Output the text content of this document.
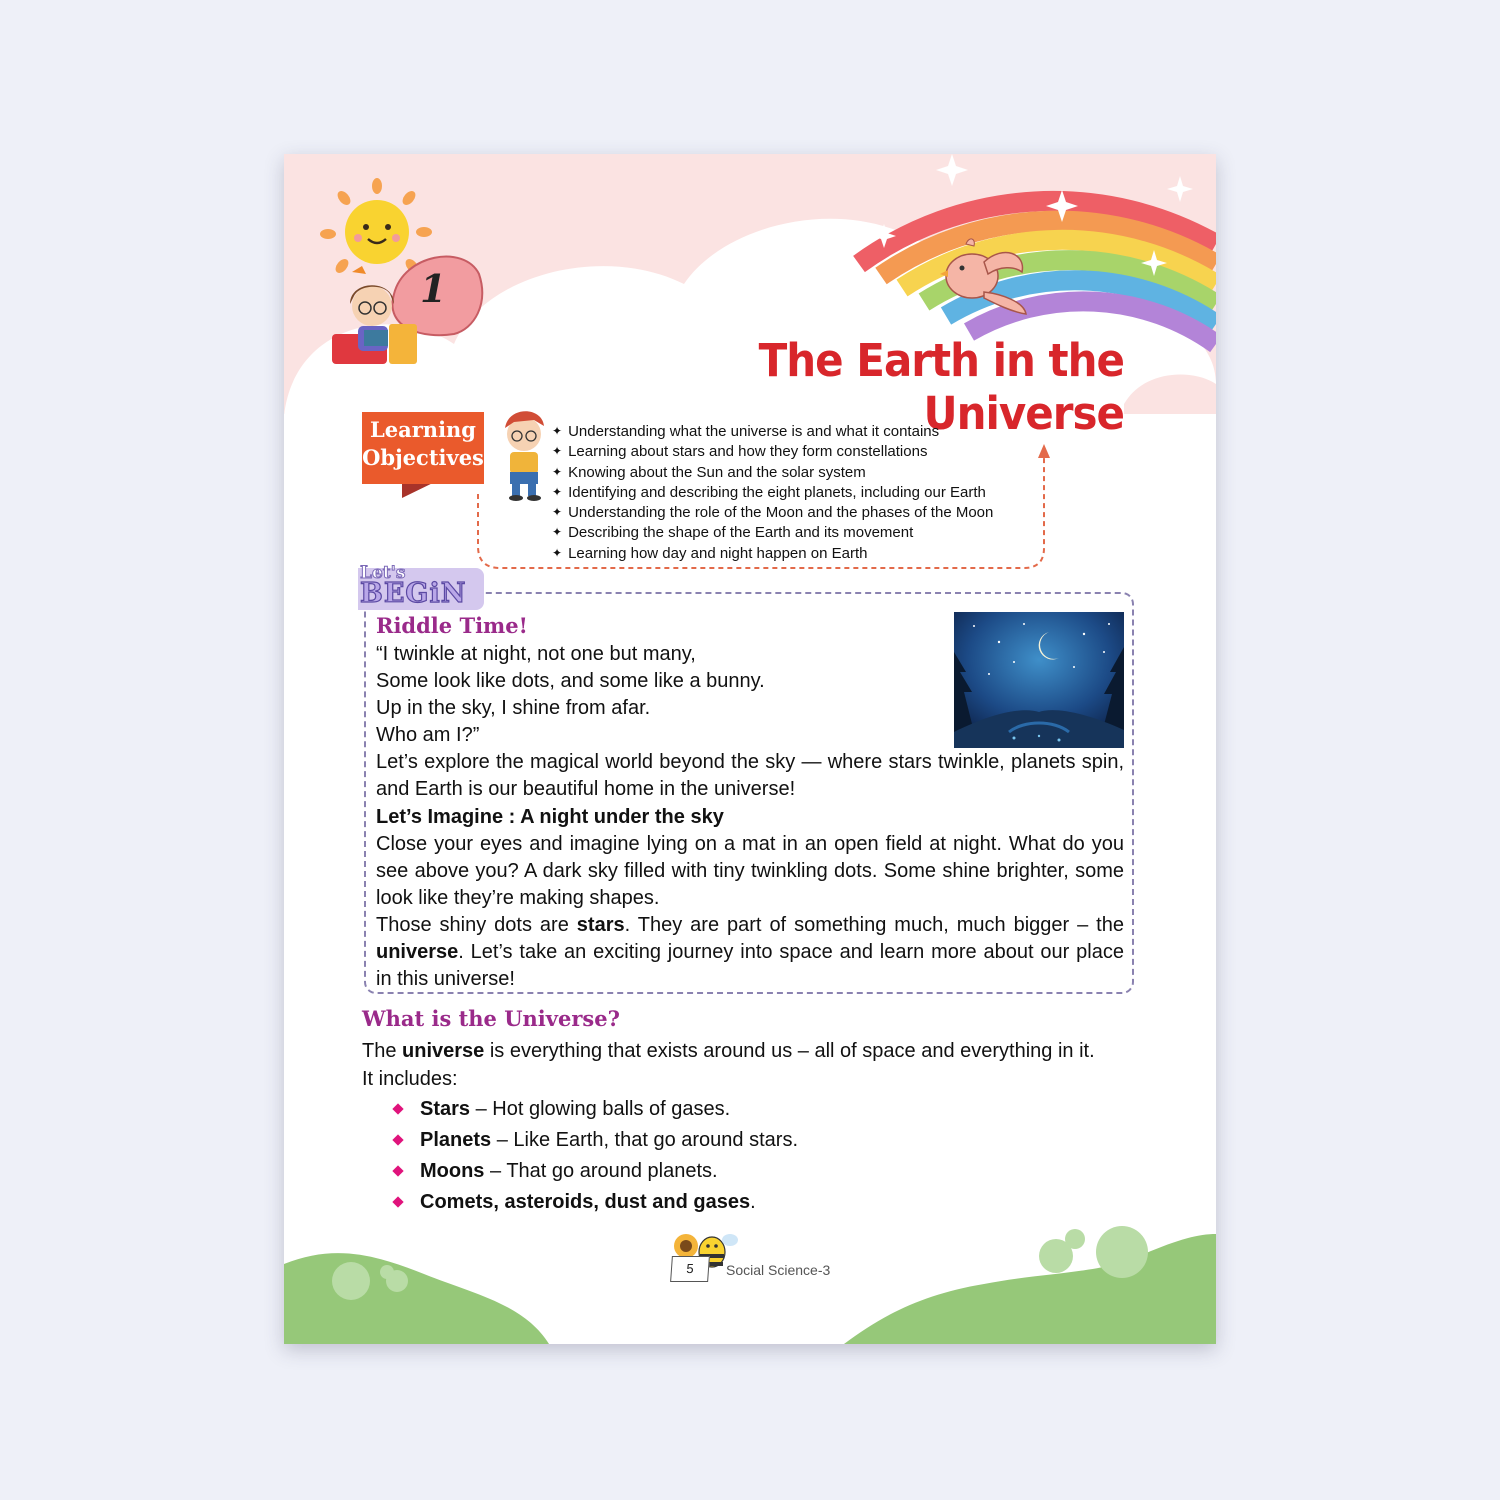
1
The Earth in the Universe
Learning
Objectives
✦ Understanding what the universe is and what it contains
✦ Learning about stars and how they form constellations
✦ Knowing about the Sun and the solar system
✦ Identifying and describing the eight planets, including our Earth
✦ Understanding the role of the Moon and the phases of the Moon
✦ Describing the shape of the Earth and its movement
✦ Learning how day and night happen on Earth
Let's
BEGiN
Riddle Time!
“I twinkle at night, not one but many,
Some look like dots, and some like a bunny.
Up in the sky, I shine from afar.
Who am I?”
Let’s explore the magical world beyond the sky — where stars twinkle, planets spin, and Earth is our beautiful home in the universe!
Let’s Imagine : A night under the sky
Close your eyes and imagine lying on a mat in an open field at night. What do you see above you? A dark sky filled with tiny twinkling dots. Some shine brighter, some look like they’re making shapes.
Those shiny dots are stars. They are part of something much, much bigger – the universe. Let’s take an exciting journey into space and learn more about our place in this universe!
What is the Universe?
The universe is everything that exists around us – all of space and everything in it.
It includes:
Stars – Hot glowing balls of gases.
Planets – Like Earth, that go around stars.
Moons – That go around planets.
Comets, asteroids, dust and gases.
5	Social Science-3
